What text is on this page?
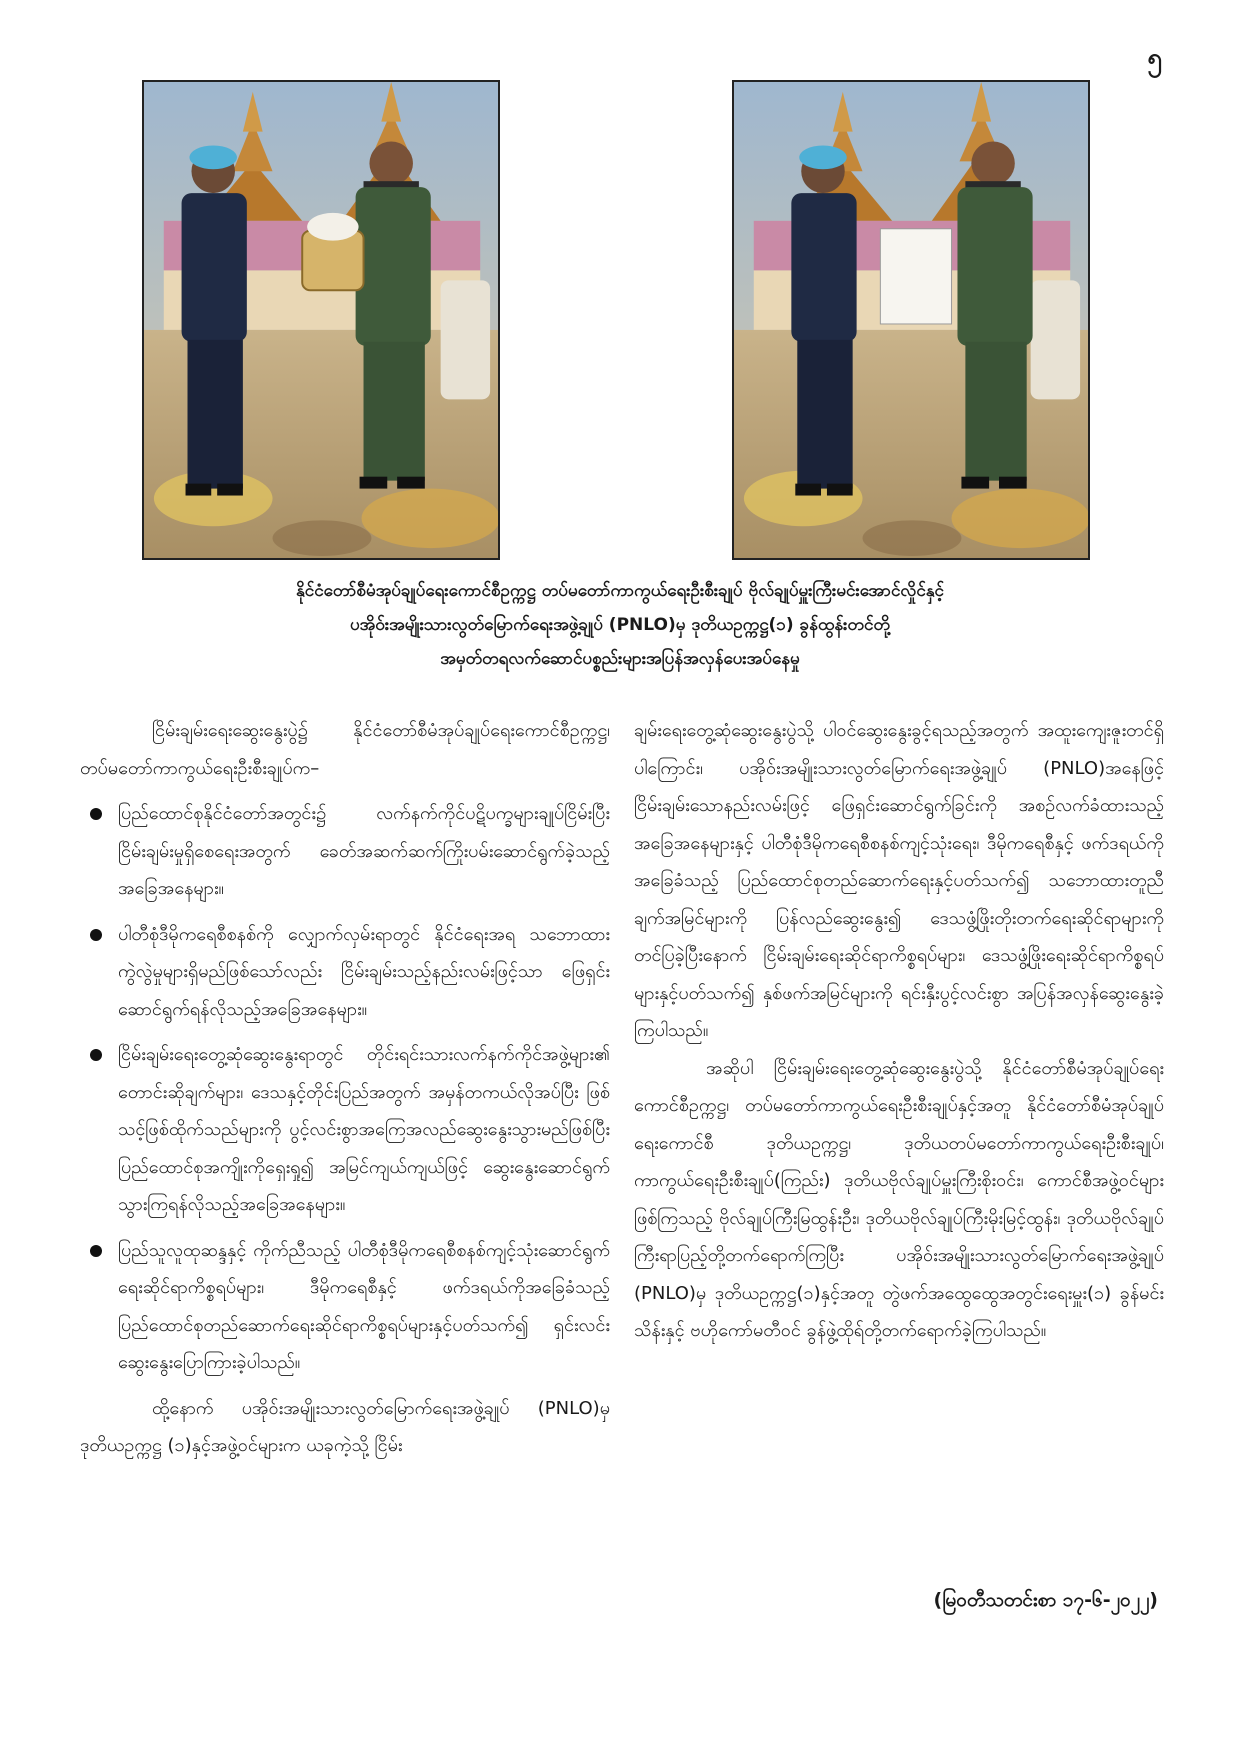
၅
နိုင်ငံတော်စီမံအုပ်ချုပ်ရေးကောင်စီဥက္ကဋ္ဌ တပ်မတော်ကာကွယ်ရေးဦးစီးချုပ် ဗိုလ်ချုပ်မှူးကြီးမင်းအောင်လှိုင်နှင့်
ပအိုဝ်းအမျိုးသားလွတ်မြောက်ရေးအဖွဲ့ချုပ် (PNLO)မှ ဒုတိယဥက္ကဋ္ဌ(၁) ခွန်ထွန်းတင်တို့
အမှတ်တရလက်ဆောင်ပစ္စည်းများအပြန်အလှန်ပေးအပ်နေမှု

ငြိမ်းချမ်းရေးဆွေးနွေးပွဲ၌ နိုင်ငံတော်စီမံအုပ်ချုပ်ရေးကောင်စီဥက္ကဋ္ဌ၊ တပ်မတော်ကာကွယ်ရေးဦးစီးချုပ်က–

ပြည်ထောင်စုနိုင်ငံတော်အတွင်း၌ လက်နက်ကိုင်ပဋိပက္ခများချုပ်ငြိမ်းပြီး ငြိမ်းချမ်းမှုရှိစေရေးအတွက် ခေတ်အဆက်ဆက်ကြိုးပမ်းဆောင်ရွက်ခဲ့သည့်အခြေအနေများ။
ပါတီစုံဒီမိုကရေစီစနစ်ကို လျှောက်လှမ်းရာတွင် နိုင်ငံရေးအရ သဘောထားကွဲလွဲမှုများရှိမည်ဖြစ်သော်လည်း ငြိမ်းချမ်းသည့်နည်းလမ်းဖြင့်သာ ဖြေရှင်းဆောင်ရွက်ရန်လိုသည့်အခြေအနေများ။
ငြိမ်းချမ်းရေးတွေ့ဆုံဆွေးနွေးရာတွင် တိုင်းရင်းသားလက်နက်ကိုင်အဖွဲ့များ၏ တောင်းဆိုချက်များ၊ ဒေသနှင့်တိုင်းပြည်အတွက် အမှန်တကယ်လိုအပ်ပြီး ဖြစ်သင့်ဖြစ်ထိုက်သည်များကို ပွင့်လင်းစွာအကြေအလည်ဆွေးနွေးသွားမည်ဖြစ်ပြီး ပြည်ထောင်စုအကျိုးကိုရှေးရှု၍ အမြင်ကျယ်ကျယ်ဖြင့် ဆွေးနွေးဆောင်ရွက်သွားကြရန်လိုသည့်အခြေအနေများ။
ပြည်သူလူထုဆန္ဒနှင့် ကိုက်ညီသည့် ပါတီစုံဒီမိုကရေစီစနစ်ကျင့်သုံးဆောင်ရွက်ရေးဆိုင်ရာကိစ္စရပ်များ၊ ဒီမိုကရေစီနှင့် ဖက်ဒရယ်ကိုအခြေခံသည့် ပြည်ထောင်စုတည်ဆောက်ရေးဆိုင်ရာကိစ္စရပ်များနှင့်ပတ်သက်၍ ရှင်းလင်းဆွေးနွေးပြောကြားခဲ့ပါသည်။

ထို့နောက် ပအိုဝ်းအမျိုးသားလွတ်မြောက်ရေးအဖွဲ့ချုပ် (PNLO)မှ ဒုတိယဥက္ကဋ္ဌ (၁)နှင့်အဖွဲ့ဝင်များက ယခုကဲ့သို့ ငြိမ်း

ချမ်းရေးတွေ့ဆုံဆွေးနွေးပွဲသို့ ပါဝင်ဆွေးနွေးခွင့်ရသည့်အတွက် အထူးကျေးဇူးတင်ရှိပါကြောင်း၊ ပအိုဝ်းအမျိုးသားလွတ်မြောက်ရေးအဖွဲ့ချုပ် (PNLO)အနေဖြင့် ငြိမ်းချမ်းသောနည်းလမ်းဖြင့် ဖြေရှင်းဆောင်ရွက်ခြင်းကို အစဉ်လက်ခံထားသည့်အခြေအနေများနှင့် ပါတီစုံဒီမိုကရေစီစနစ်ကျင့်သုံးရေး၊ ဒီမိုကရေစီနှင့် ဖက်ဒရယ်ကိုအခြေခံသည့် ပြည်ထောင်စုတည်ဆောက်ရေးနှင့်ပတ်သက်၍ သဘောထားတူညီချက်အမြင်များကို ပြန်လည်ဆွေးနွေး၍ ဒေသဖွံ့ဖြိုးတိုးတက်ရေးဆိုင်ရာများကို တင်ပြခဲ့ပြီးနောက် ငြိမ်းချမ်းရေးဆိုင်ရာကိစ္စရပ်များ၊ ဒေသဖွံ့ဖြိုးရေးဆိုင်ရာကိစ္စရပ်များနှင့်ပတ်သက်၍ နှစ်ဖက်အမြင်များကို ရင်းနှီးပွင့်လင်းစွာ အပြန်အလှန်ဆွေးနွေးခဲ့ကြပါသည်။

အဆိုပါ ငြိမ်းချမ်းရေးတွေ့ဆုံဆွေးနွေးပွဲသို့ နိုင်ငံတော်စီမံအုပ်ချုပ်ရေးကောင်စီဥက္ကဋ္ဌ၊ တပ်မတော်ကာကွယ်ရေးဦးစီးချုပ်နှင့်အတူ နိုင်ငံတော်စီမံအုပ်ချုပ်ရေးကောင်စီ ဒုတိယဥက္ကဋ္ဌ၊ ဒုတိယတပ်မတော်ကာကွယ်ရေးဦးစီးချုပ်၊ ကာကွယ်ရေးဦးစီးချုပ်(ကြည်း) ဒုတိယဗိုလ်ချုပ်မှူးကြီးစိုးဝင်း၊ ကောင်စီအဖွဲ့ဝင်များဖြစ်ကြသည့် ဗိုလ်ချုပ်ကြီးမြထွန်းဦး၊ ဒုတိယဗိုလ်ချုပ်ကြီးမိုးမြင့်ထွန်း၊ ဒုတိယဗိုလ်ချုပ်ကြီးရာပြည့်တို့တက်ရောက်ကြပြီး ပအိုဝ်းအမျိုးသားလွတ်မြောက်ရေးအဖွဲ့ချုပ် (PNLO)မှ ဒုတိယဥက္ကဋ္ဌ(၁)နှင့်အတူ တွဲဖက်အထွေထွေအတွင်းရေးမှူး(၁) ခွန်မင်းသိန်းနှင့် ဗဟိုကော်မတီဝင် ခွန်ဖွဲ့ထိုရ်တို့တက်ရောက်ခဲ့ကြပါသည်။

(မြဝတီသတင်းစာ ၁၇-၆-၂၀၂၂)
